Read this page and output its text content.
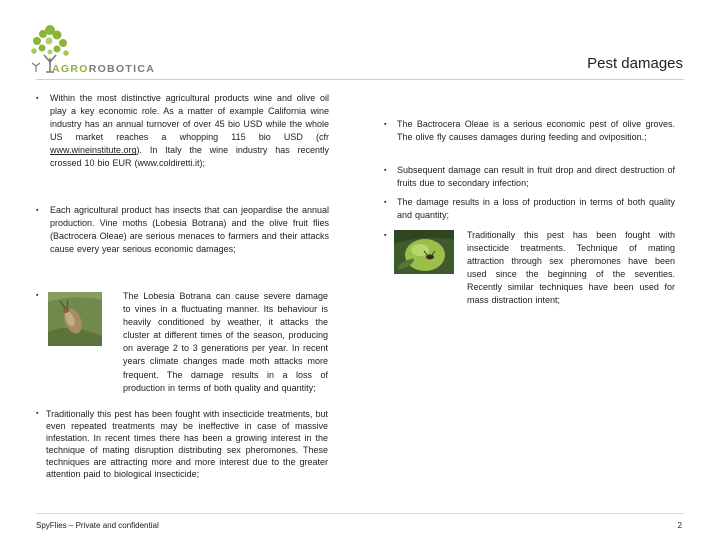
AGROROBOTICA	Pest damages
▪ Within the most distinctive agricultural products wine and olive oil play a key economic role. As a matter of example California wine industry has an annual turnover of over 45 bio USD while the whole US market reaches a whopping 115 bio USD (cfr www.wineinstitute.org). In Italy the wine industry has recently crossed 10 bio EUR (www.coldiretti.it);
▪ Each agricultural product has insects that can jeopardise the annual production. Vine moths (Lobesia Botrana) and the olive fruit flies (Bactrocera Oleae) are serious menaces to farmers and their attacks cause every year serious economic damages;
▪	The Lobesia Botrana can cause severe damage to vines in a fluctuating manner. Its behaviour is heavily conditioned by weather, it attacks the cluster at different times of the season, producing on average 2 to 3 generations per year. In recent years climate changes made moth attacks more frequent. The damage results in a loss of production in terms of both quality and quantity;
▪ Traditionally this pest has been fought with insecticide treatments, but even repeated treatments may be ineffective in case of massive infestation. In recent times there has been a growing interest in the technique of mating disruption distributing sex pheromones. These techniques are attracting more and more interest due to the greater attention paid to biological insecticide;
▪ The Bactrocera Oleae is a serious economic pest of olive groves. The olive fly causes damages during feeding and oviposition.;
▪ Subsequent damage can result in fruit drop and direct destruction of fruits due to secondary infection;
▪ The damage results in a loss of production in terms of both quality and quantity;
▪	Traditionally this pest has been fought with insecticide treatments. Technique of mating attraction through sex pheromones have been used since the beginning of the seventies. Recently similar techniques have been used for mass distraction intent;
SpyFlies – Private and confidential	2
